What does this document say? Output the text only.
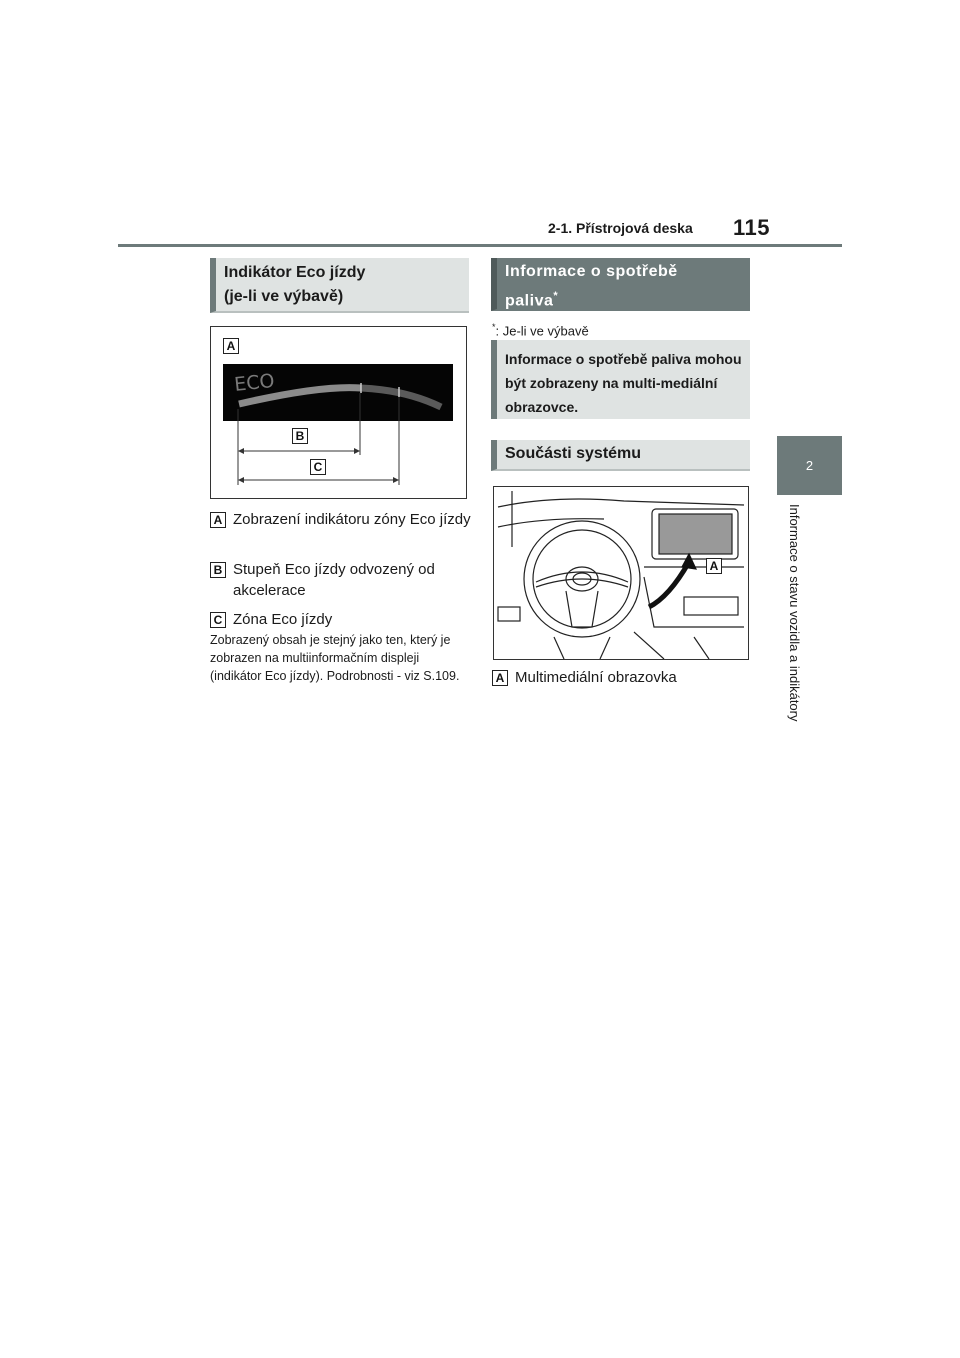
2-1. Přístrojová deska 115
2
Informace o stavu vozidla a indikátory
Indikátor Eco jízdy
(je-li ve výbavě)
ECO
A
B
C
A Zobrazení indikátoru zóny Eco jízdy
B Stupeň Eco jízdy odvozený od akcelerace
C Zóna Eco jízdy
Zobrazený obsah je stejný jako ten, který je zobrazen na multiinformačním displeji (indikátor Eco jízdy). Podrobnosti - viz S.109.
Informace o spotřebě
paliva*
*: Je-li ve výbavě
Informace o spotřebě paliva mohou být zobrazeny na multi-mediální obrazovce.
Součásti systému
A
A Multimediální obrazovka
